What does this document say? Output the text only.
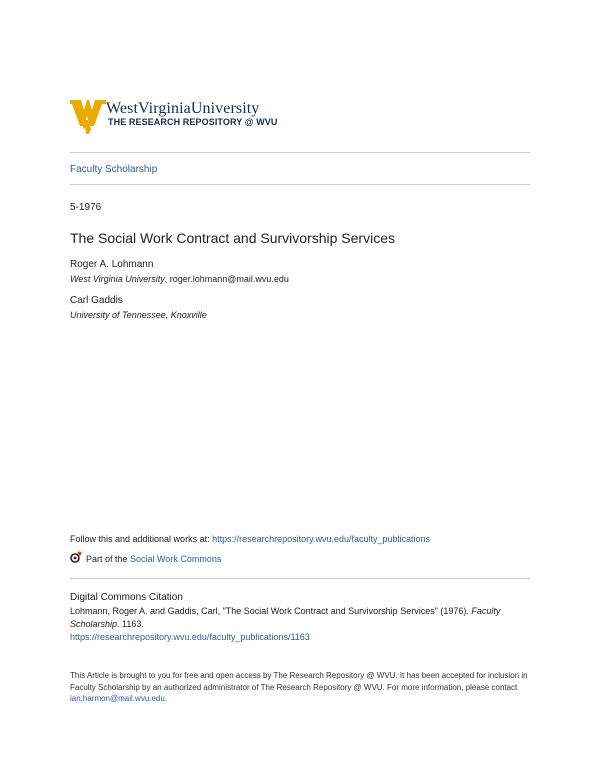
WestVirginiaUniversity
THE RESEARCH REPOSITORY @ WVU
Faculty Scholarship
5-1976
The Social Work Contract and Survivorship Services
Roger A. Lohmann
West Virginia University, roger.lohmann@mail.wvu.edu
Carl Gaddis
University of Tennessee, Knoxville
Follow this and additional works at: https://researchrepository.wvu.edu/faculty_publications
Part of the Social Work Commons
Digital Commons Citation
Lohmann, Roger A. and Gaddis, Carl, "The Social Work Contract and Survivorship Services" (1976). Faculty
Scholarship. 1163.
https://researchrepository.wvu.edu/faculty_publications/1163
This Article is brought to you for free and open access by The Research Repository @ WVU. It has been accepted for inclusion in Faculty Scholarship by an authorized administrator of The Research Repository @ WVU. For more information, please contact ian.harmon@mail.wvu.edu.
